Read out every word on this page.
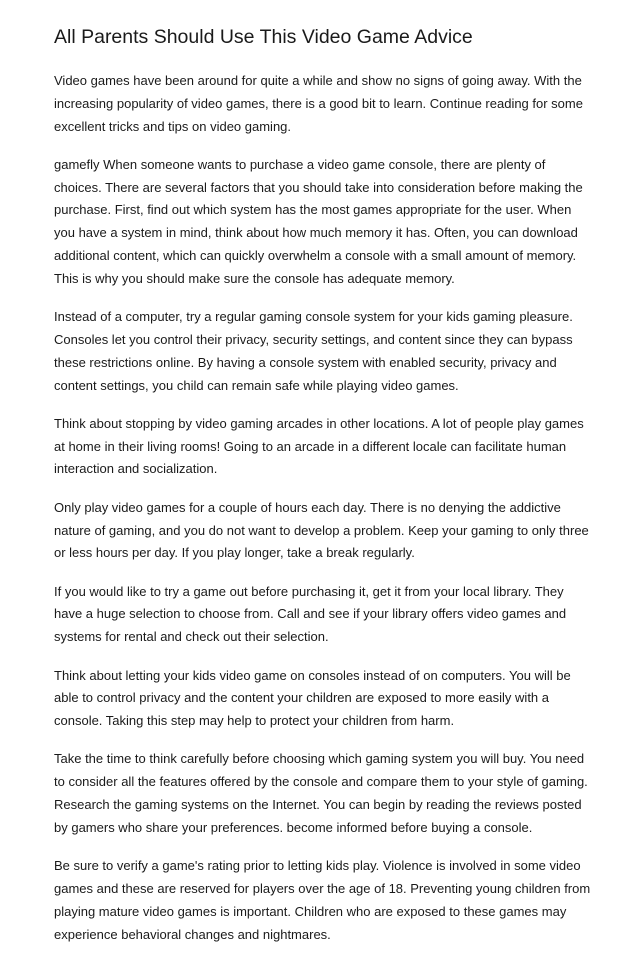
All Parents Should Use This Video Game Advice

Video games have been around for quite a while and show no signs of going away. With the
increasing popularity of video games, there is a good bit to learn. Continue reading for some
excellent tricks and tips on video gaming.

gamefly When someone wants to purchase a video game console, there are plenty of
choices. There are several factors that you should take into consideration before making the
purchase. First, find out which system has the most games appropriate for the user. When
you have a system in mind, think about how much memory it has. Often, you can download
additional content, which can quickly overwhelm a console with a small amount of memory.
This is why you should make sure the console has adequate memory.

Instead of a computer, try a regular gaming console system for your kids gaming pleasure.
Consoles let you control their privacy, security settings, and content since they can bypass
these restrictions online. By having a console system with enabled security, privacy and
content settings, you child can remain safe while playing video games.

Think about stopping by video gaming arcades in other locations. A lot of people play games
at home in their living rooms! Going to an arcade in a different locale can facilitate human
interaction and socialization.

Only play video games for a couple of hours each day. There is no denying the addictive
nature of gaming, and you do not want to develop a problem. Keep your gaming to only three
or less hours per day. If you play longer, take a break regularly.

If you would like to try a game out before purchasing it, get it from your local library. They
have a huge selection to choose from. Call and see if your library offers video games and
systems for rental and check out their selection.

Think about letting your kids video game on consoles instead of on computers. You will be
able to control privacy and the content your children are exposed to more easily with a
console. Taking this step may help to protect your children from harm.

Take the time to think carefully before choosing which gaming system you will buy. You need
to consider all the features offered by the console and compare them to your style of gaming.
Research the gaming systems on the Internet. You can begin by reading the reviews posted
by gamers who share your preferences. become informed before buying a console.

Be sure to verify a game's rating prior to letting kids play. Violence is involved in some video
games and these are reserved for players over the age of 18. Preventing young children from
playing mature video games is important. Children who are exposed to these games may
experience behavioral changes and nightmares.
